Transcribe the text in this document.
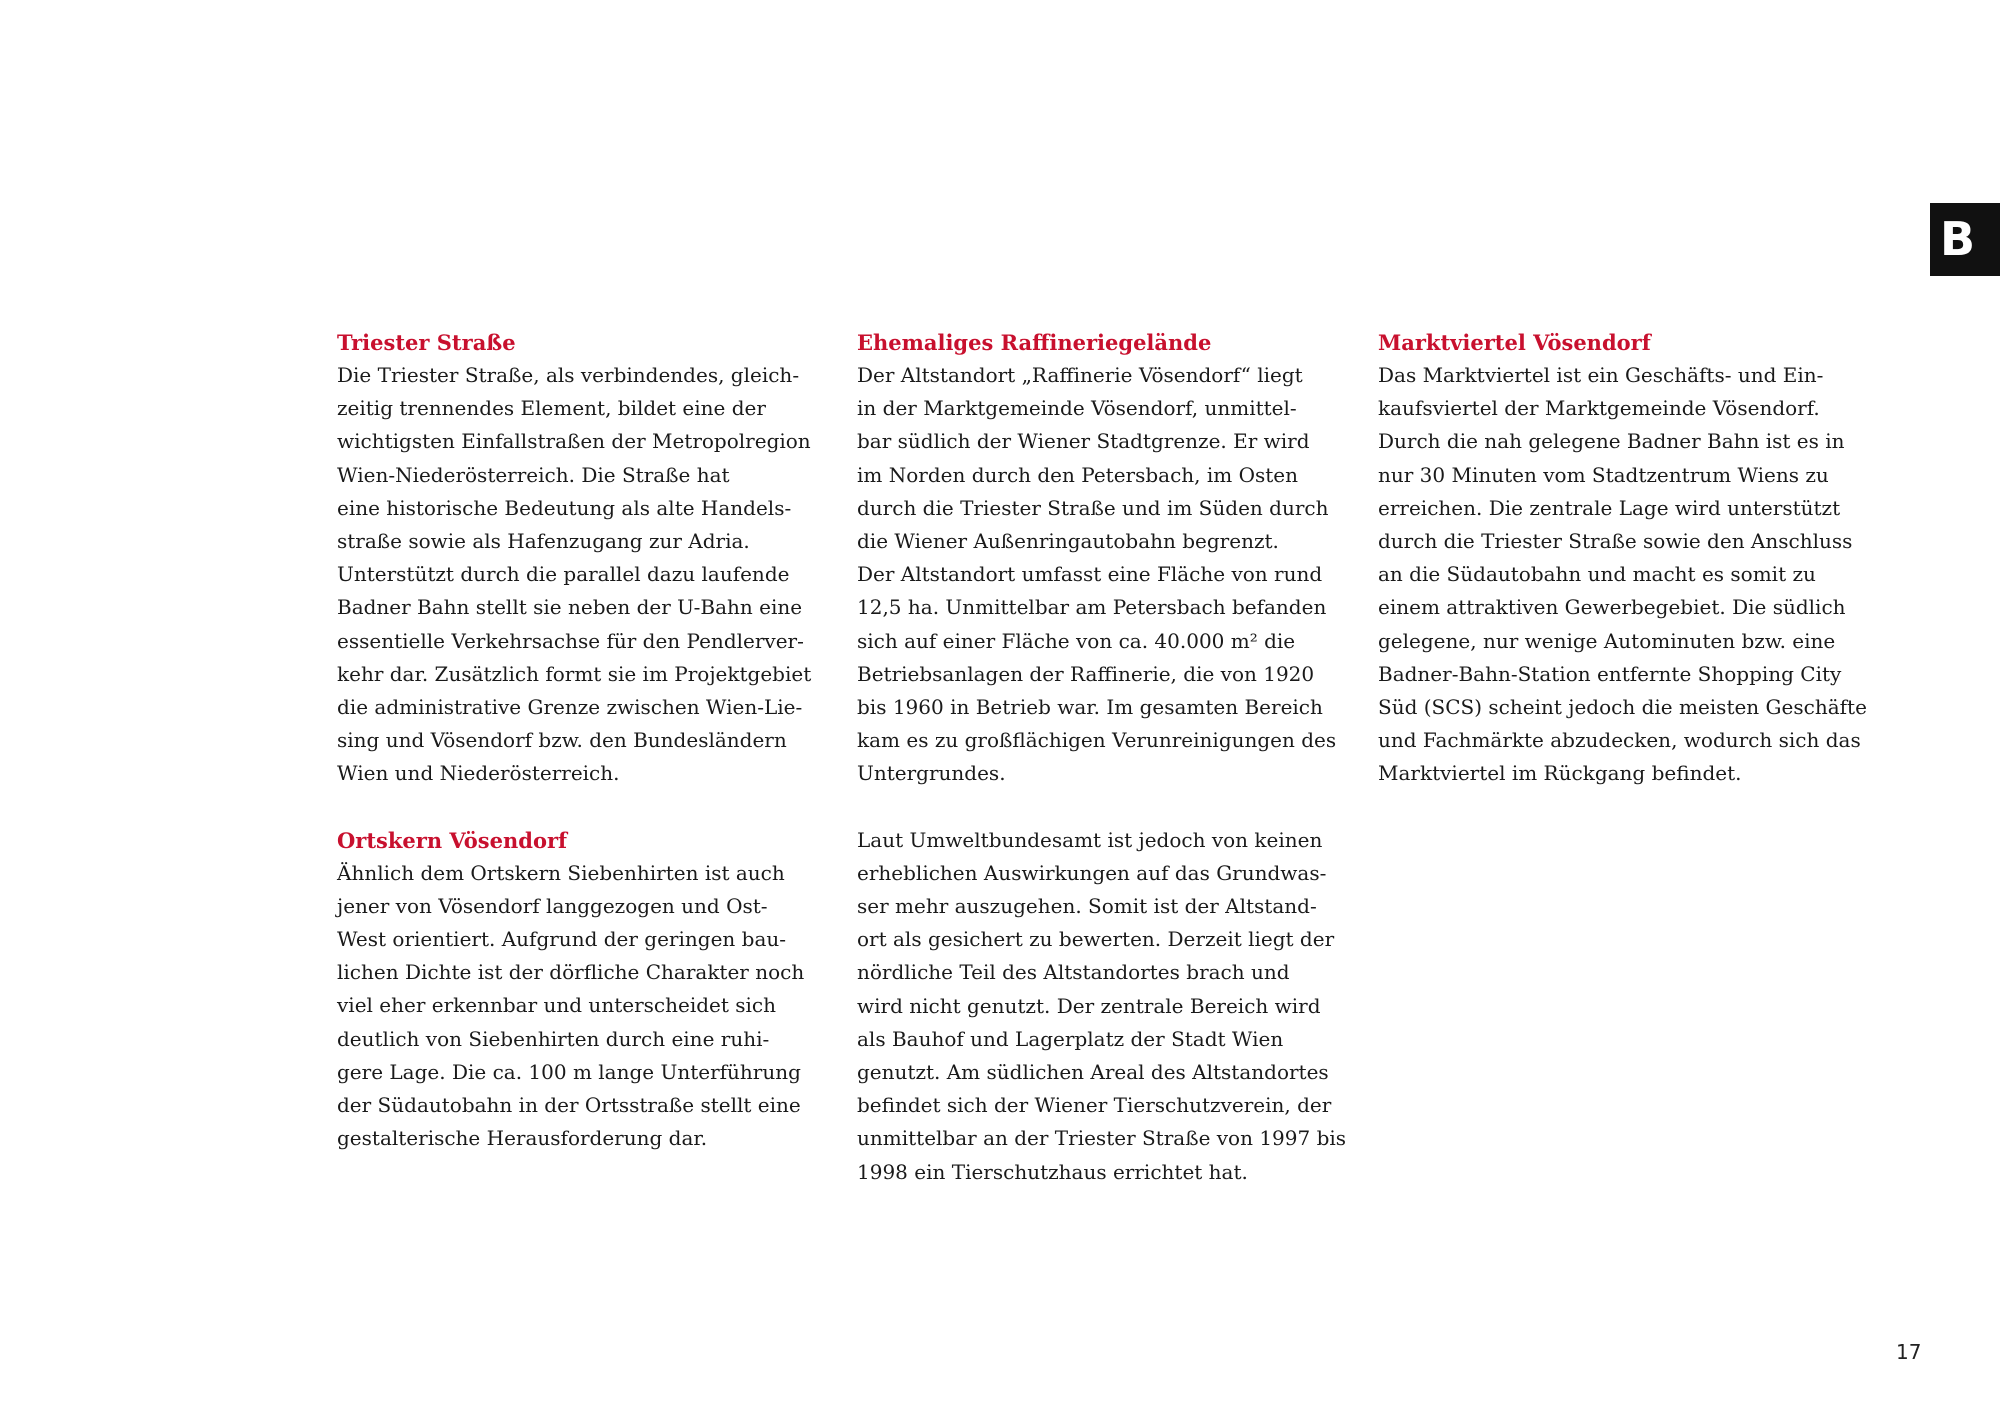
B
Triester Straße

Die Triester Straße, als verbindendes, gleich-
zeitig trennendes Element, bildet eine der
wichtigsten Einfallstraßen der Metropolregion
Wien-Niederösterreich. Die Straße hat
eine historische Bedeutung als alte Handels-
straße sowie als Hafenzugang zur Adria.
Unterstützt durch die parallel dazu laufende
Badner Bahn stellt sie neben der U-Bahn eine
essentielle Verkehrsachse für den Pendlerver-
kehr dar. Zusätzlich formt sie im Projektgebiet
die administrative Grenze zwischen Wien-Lie-
sing und Vösendorf bzw. den Bundesländern
Wien und Niederösterreich.

Ortskern Vösendorf

Ähnlich dem Ortskern Siebenhirten ist auch
jener von Vösendorf langgezogen und Ost-
West orientiert. Aufgrund der geringen bau-
lichen Dichte ist der dörfliche Charakter noch
viel eher erkennbar und unterscheidet sich
deutlich von Siebenhirten durch eine ruhi-
gere Lage. Die ca. 100 m lange Unterführung
der Südautobahn in der Ortsstraße stellt eine
gestalterische Herausforderung dar.

Ehemaliges Raffineriegelände

Der Altstandort „Raffinerie Vösendorf“ liegt
in der Marktgemeinde Vösendorf, unmittel-
bar südlich der Wiener Stadtgrenze. Er wird
im Norden durch den Petersbach, im Osten
durch die Triester Straße und im Süden durch
die Wiener Außenringautobahn begrenzt.
Der Altstandort umfasst eine Fläche von rund
12,5 ha. Unmittelbar am Petersbach befanden
sich auf einer Fläche von ca. 40.000 m² die
Betriebsanlagen der Raffinerie, die von 1920
bis 1960 in Betrieb war. Im gesamten Bereich
kam es zu großflächigen Verunreinigungen des
Untergrundes.

Laut Umweltbundesamt ist jedoch von keinen
erheblichen Auswirkungen auf das Grundwas-
ser mehr auszugehen. Somit ist der Altstand-
ort als gesichert zu bewerten. Derzeit liegt der
nördliche Teil des Altstandortes brach und
wird nicht genutzt. Der zentrale Bereich wird
als Bauhof und Lagerplatz der Stadt Wien
genutzt. Am südlichen Areal des Altstandortes
befindet sich der Wiener Tierschutzverein, der
unmittelbar an der Triester Straße von 1997 bis
1998 ein Tierschutzhaus errichtet hat.

Marktviertel Vösendorf

Das Marktviertel ist ein Geschäfts- und Ein-
kaufsviertel der Marktgemeinde Vösendorf.
Durch die nah gelegene Badner Bahn ist es in
nur 30 Minuten vom Stadtzentrum Wiens zu
erreichen. Die zentrale Lage wird unterstützt
durch die Triester Straße sowie den Anschluss
an die Südautobahn und macht es somit zu
einem attraktiven Gewerbegebiet. Die südlich
gelegene, nur wenige Autominuten bzw. eine
Badner-Bahn-Station entfernte Shopping City
Süd (SCS) scheint jedoch die meisten Geschäfte
und Fachmärkte abzudecken, wodurch sich das
Marktviertel im Rückgang befindet.

17
